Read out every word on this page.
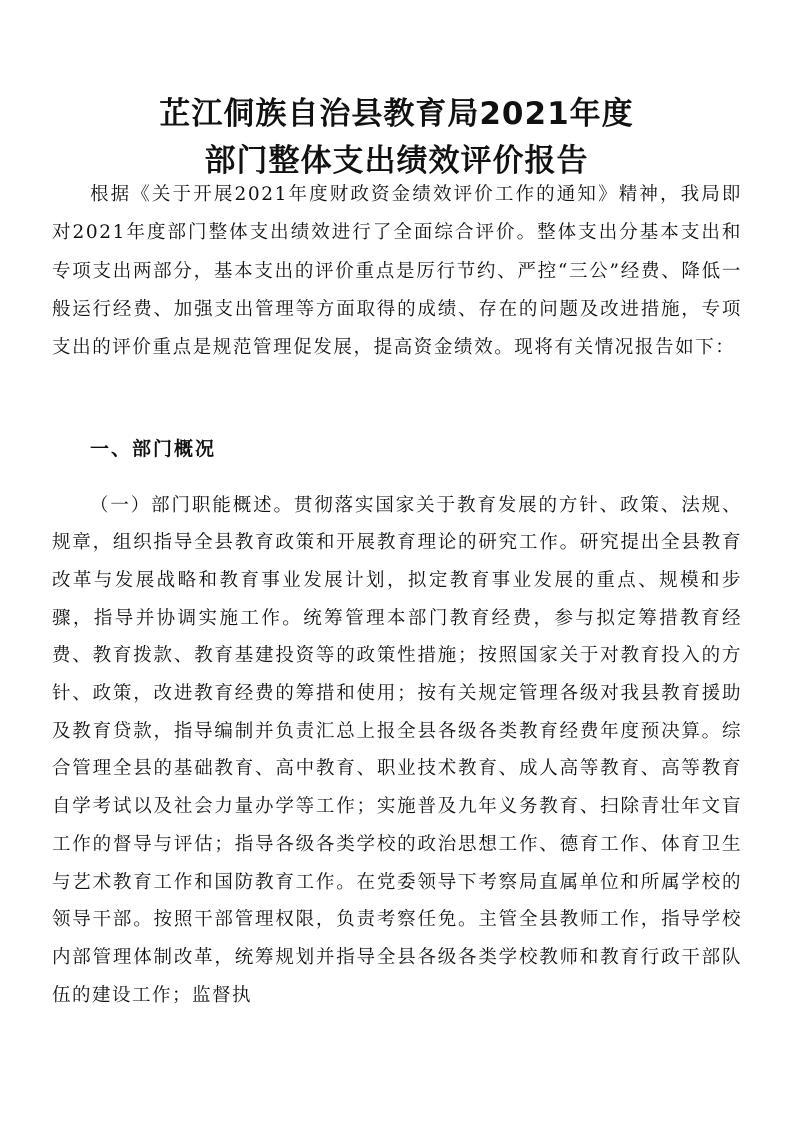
芷江侗族自治县教育局2021年度
部门整体支出绩效评价报告

根据《关于开展2021年度财政资金绩效评价工作的通知》精神，我局即对2021年度部门整体支出绩效进行了全面综合评价。整体支出分基本支出和专项支出两部分，基本支出的评价重点是厉行节约、严控“三公”经费、降低一般运行经费、加强支出管理等方面取得的成绩、存在的问题及改进措施，专项支出的评价重点是规范管理促发展，提高资金绩效。现将有关情况报告如下：

一、部门概况

（一）部门职能概述。贯彻落实国家关于教育发展的方针、政策、法规、规章，组织指导全县教育政策和开展教育理论的研究工作。研究提出全县教育改革与发展战略和教育事业发展计划，拟定教育事业发展的重点、规模和步骤，指导并协调实施工作。统筹管理本部门教育经费，参与拟定筹措教育经费、教育拨款、教育基建投资等的政策性措施；按照国家关于对教育投入的方针、政策，改进教育经费的筹措和使用；按有关规定管理各级对我县教育援助及教育贷款，指导编制并负责汇总上报全县各级各类教育经费年度预决算。综合管理全县的基础教育、高中教育、职业技术教育、成人高等教育、高等教育自学考试以及社会力量办学等工作；实施普及九年义务教育、扫除青壮年文盲工作的督导与评估；指导各级各类学校的政治思想工作、德育工作、体育卫生与艺术教育工作和国防教育工作。在党委领导下考察局直属单位和所属学校的领导干部。按照干部管理权限，负责考察任免。主管全县教师工作，指导学校内部管理体制改革，统筹规划并指导全县各级各类学校教师和教育行政干部队伍的建设工作；监督执
